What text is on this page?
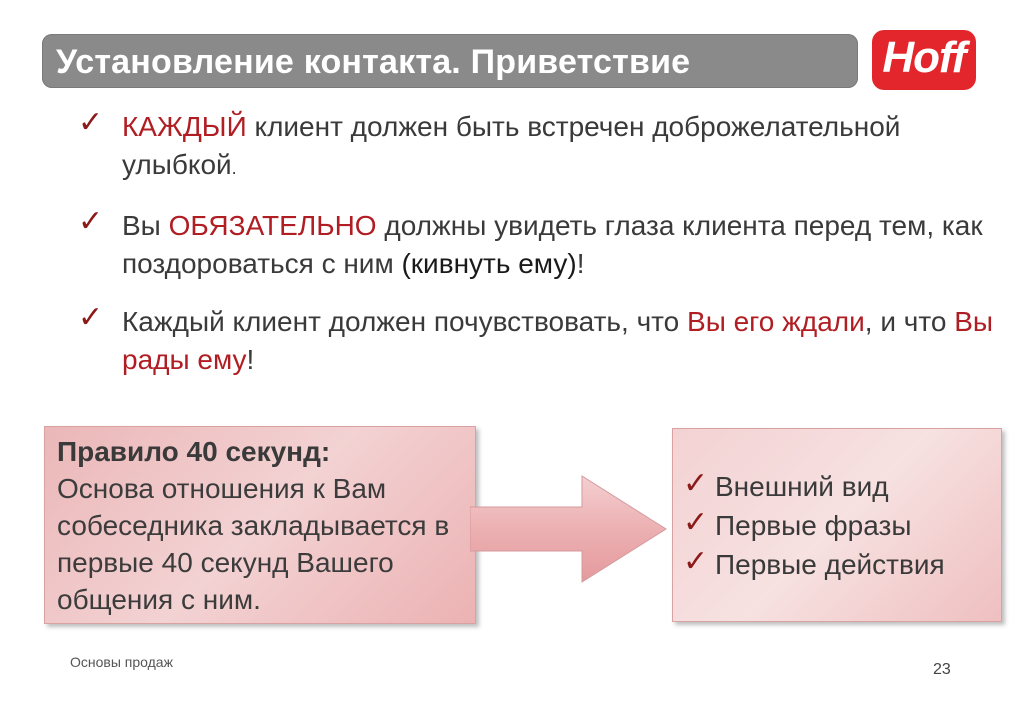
Установление контакта. Приветствие	Hoff
✓ КАЖДЫЙ клиент должен быть встречен доброжелательной улыбкой.
✓ Вы ОБЯЗАТЕЛЬНО должны увидеть глаза клиента перед тем, как поздороваться с ним (кивнуть ему)!
✓ Каждый клиент должен почувствовать, что Вы его ждали, и что Вы рады ему!
Правило 40 секунд:
Основа отношения к Вам собеседника закладывается в первые 40 секунд Вашего общения с ним.
✓ Внешний вид
✓ Первые фразы
✓ Первые действия
Основы продаж	23
